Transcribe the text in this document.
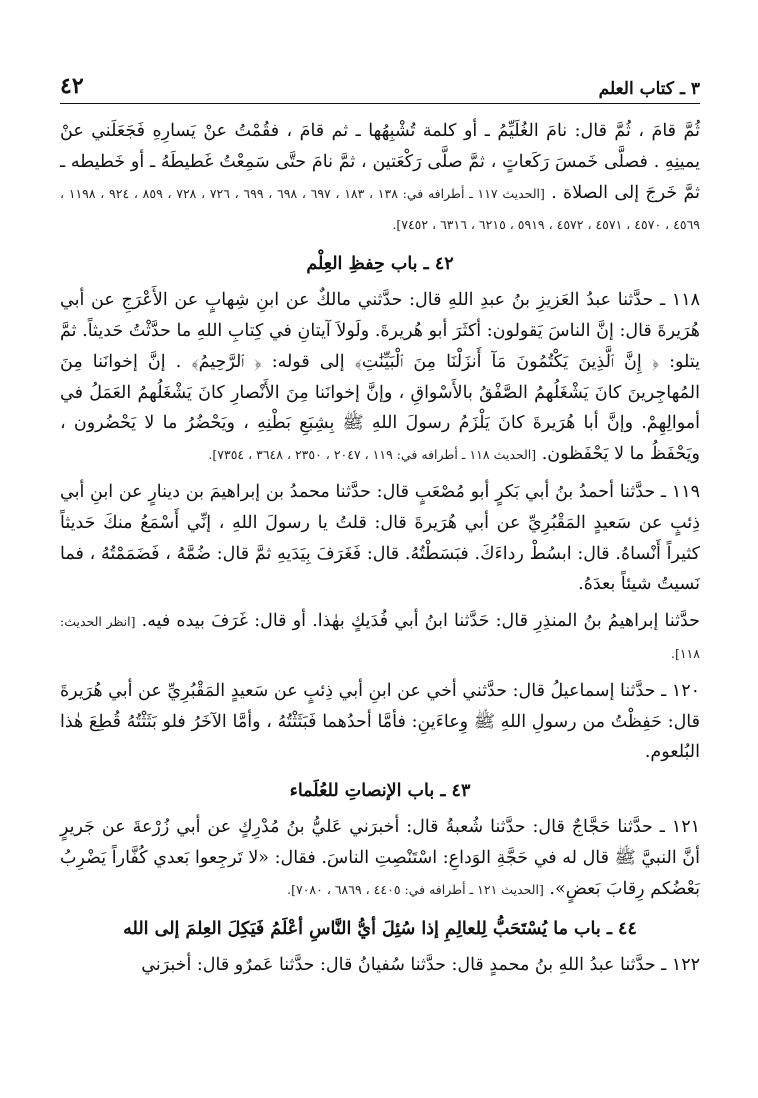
٣ ـ كتاب العلم
٤٢

ثُمَّ قامَ ، ثُمَّ قال: نامَ الغُلَيِّمُ ـ أو كلمة تُشْبِهُها ـ ثم قامَ ، فقُمْتُ عنْ يَسارِهِ فَجَعَلَني عنْ يمينِهِ . فصلَّى خَمسَ رَكَعاتٍ ، ثمَّ صلَّى رَكْعَتين ، ثمَّ نامَ حتَّى سَمِعْتُ غَطيطَهُ ـ أو خَطيطه ـ ثمَّ خَرجَ إلى الصلاة . [الحديث ١١٧ ـ أطرافه في: ١٣٨ ، ١٨٣ ، ٦٩٧ ، ٦٩٨ ، ٦٩٩ ، ٧٢٦ ، ٧٢٨ ، ٨٥٩ ، ٩٢٤ ، ١١٩٨ ، ٤٥٦٩ ، ٤٥٧٠ ، ٤٥٧١ ، ٤٥٧٢ ، ٥٩١٩ ، ٦٢١٥ ، ٦٣١٦ ، ٧٤٥٢].

٤٢ ـ باب حِفظِ العِلْم

١١٨ ـ حدَّثنا عبدُ العَزيزِ بنُ عبدِ اللهِ قال: حدَّثني مالكٌ عن ابنِ شِهابٍ عن الأَعْرَجِ عن أبي هُرَيرةَ قال: إنَّ الناسَ يَقولون: أكثَرَ أبو هُريرةَ. ولَولاَ آيتانِ في كِتابِ اللهِ ما حدَّثْتُ حَديثاً. ثمَّ يتلو: ﴿ إِنَّ ٱلَّذِينَ يَكْتُمُونَ مَآ أَنزَلْنَا مِنَ ٱلْبَيِّنَٰتِ﴾ إلى قوله: ﴿ ٱلرَّحِيمُ﴾ . إنَّ إخوانَنا مِنَ المُهاجِرينَ كانَ يَشْغَلُهمُ الصَّفْقُ بالأَسْواقِ ، وإنَّ إخوانَنا مِنَ الأَنْصارِ كانَ يَشْغَلُهمُ العَمَلُ في أموالِهِمْ. وإنَّ أبا هُرَيرةَ كانَ يَلْزَمُ رسولَ اللهِ ﷺ بِشِبَعِ بَطْنِهِ ، ويَحْضُرُ ما لا يَحْضُرون ، ويَحْفَظُ ما لا يَحْفَظون. [الحديث ١١٨ ـ أطرافه في: ١١٩ ، ٢٠٤٧ ، ٢٣٥٠ ، ٣٦٤٨ ، ٧٣٥٤].

١١٩ ـ حدَّثنا أحمدُ بنُ أبي بَكرٍ أبو مُصْعَبٍ قال: حدَّثنا محمدُ بن إبراهيمَ بن دينارٍ عن ابنِ أبي ذِئبٍ عن سَعيدٍ المَقْبُرِيِّ عن أبي هُرَيرةَ قال: قلتُ يا رسولَ اللهِ ، إنِّي أَسْمَعُ منكَ حَديثاً كثيراً أَنْساهُ. قال: ابسُطْ رداءَكَ. فبَسَطْتُهُ. قال: فَغَرَفَ بِيَدَيهِ ثمَّ قال: ضُمَّهُ ، فَضَمَمْتُهُ ، فما نَسيتُ شيئاً بعدَهُ.

حدَّثنا إبراهيمُ بنُ المنذِرِ قال: حَدَّثنا ابنُ أبي فُدَيكٍ بهٰذا. أو قال: غَرَفَ بيده فيه. [انظر الحديث: ١١٨].

١٢٠ ـ حدَّثنا إسماعيلُ قال: حدَّثني أخي عن ابنِ أبي ذِئبٍ عن سَعيدٍ المَقْبُرِيِّ عن أبي هُرَيرةَ قال: حَفِظْتُ من رسولِ اللهِ ﷺ وِعاءَينِ: فأمَّا أحدُهما فَبَثَثْتُهُ ، وأمَّا الآخَرُ فلو بَثَثْتُهُ قُطِعَ هٰذا البُلعوم.

٤٣ ـ باب الإنصاتِ للعُلَماء

١٢١ ـ حدَّثنا حَجَّاجٌ قال: حدَّثنا شُعبةُ قال: أخبرَني عَليُّ بنُ مُدْرِكٍ عن أبي زُرْعةَ عن جَريرٍ أنَّ النبيَّ ﷺ قال له في حَجَّةِ الوَداعِ: اسْتَنْصِتِ الناسَ. فقال: «لا تَرجِعوا بَعدي كُفَّاراً يَضْرِبُ بَعْضُكم رِقابَ بَعضٍ». [الحديث ١٢١ ـ أطرافه في: ٤٤٠٥ ، ٦٨٦٩ ، ٧٠٨٠].

٤٤ ـ باب ما يُسْتَحَبُّ لِلعالِمِ إذا سُئِلَ أيُّ النَّاسِ أعْلَمُ فَيَكِلَ العِلمَ إلى الله

١٢٢ ـ حدَّثنا عبدُ اللهِ بنُ محمدٍ قال: حدَّثنا سُفيانُ قال: حدَّثنا عَمرٌو قال: أخبرَني
